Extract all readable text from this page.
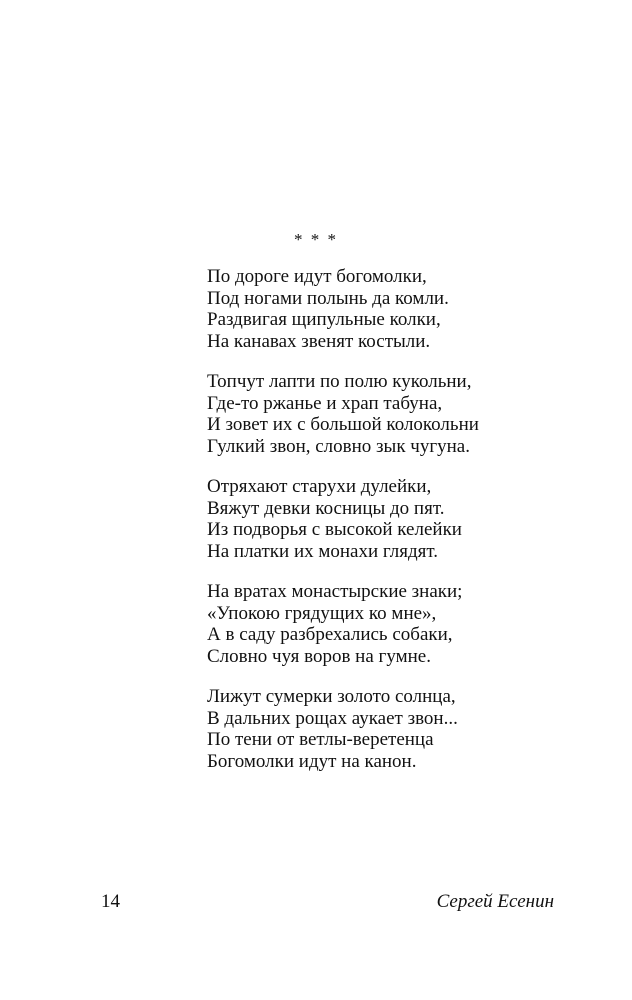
* * *
По дороге идут богомолки,
Под ногами полынь да комли.
Раздвигая щипульные колки,
На канавах звенят костыли.
Топчут лапти по полю кукольни,
Где-то ржанье и храп табуна,
И зовет их с большой колокольни
Гулкий звон, словно зык чугуна.
Отряхают старухи дулейки,
Вяжут девки косницы до пят.
Из подворья с высокой келейки
На платки их монахи глядят.
На вратах монастырские знаки;
«Упокою грядущих ко мне»,
А в саду разбрехались собаки,
Словно чуя воров на гумне.
Лижут сумерки золото солнца,
В дальних рощах аукает звон...
По тени от ветлы-веретенца
Богомолки идут на канон.
14	Сергей Есенин
